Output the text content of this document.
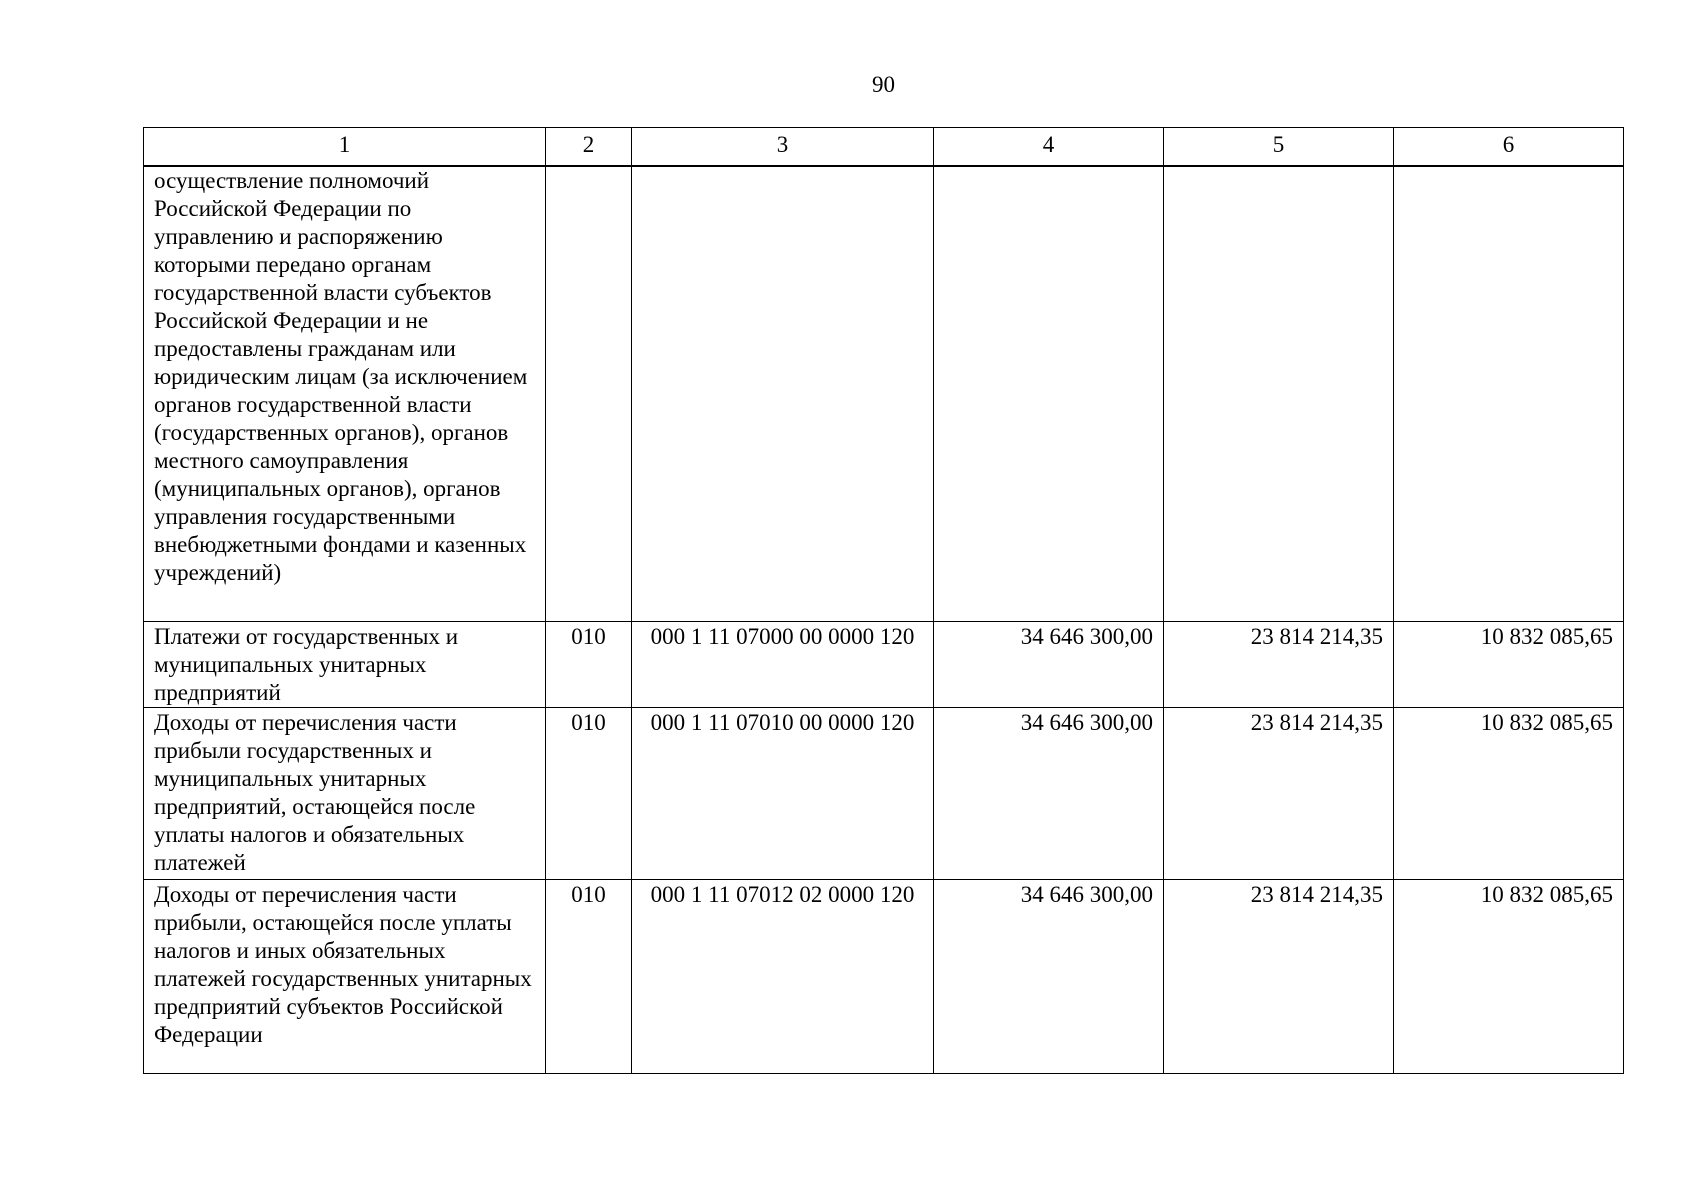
90
1	2	3	4	5	6
осуществление полномочий Российской Федерации по управлению и распоряжению которыми передано органам государственной власти субъектов Российской Федерации и не предоставлены гражданам или юридическим лицам (за исключением органов государственной власти (государственных органов), органов местного самоуправления (муниципальных органов), органов управления государственными внебюджетными фондами и казенных учреждений)					
Платежи от государственных и муниципальных унитарных предприятий	010	000 1 11 07000 00 0000 120	34 646 300,00	23 814 214,35	10 832 085,65
Доходы от перечисления части прибыли государственных и муниципальных унитарных предприятий, остающейся после уплаты налогов и обязательных платежей	010	000 1 11 07010 00 0000 120	34 646 300,00	23 814 214,35	10 832 085,65
Доходы от перечисления части прибыли, остающейся после уплаты налогов и иных обязательных платежей государственных унитарных предприятий субъектов Российской Федерации	010	000 1 11 07012 02 0000 120	34 646 300,00	23 814 214,35	10 832 085,65
